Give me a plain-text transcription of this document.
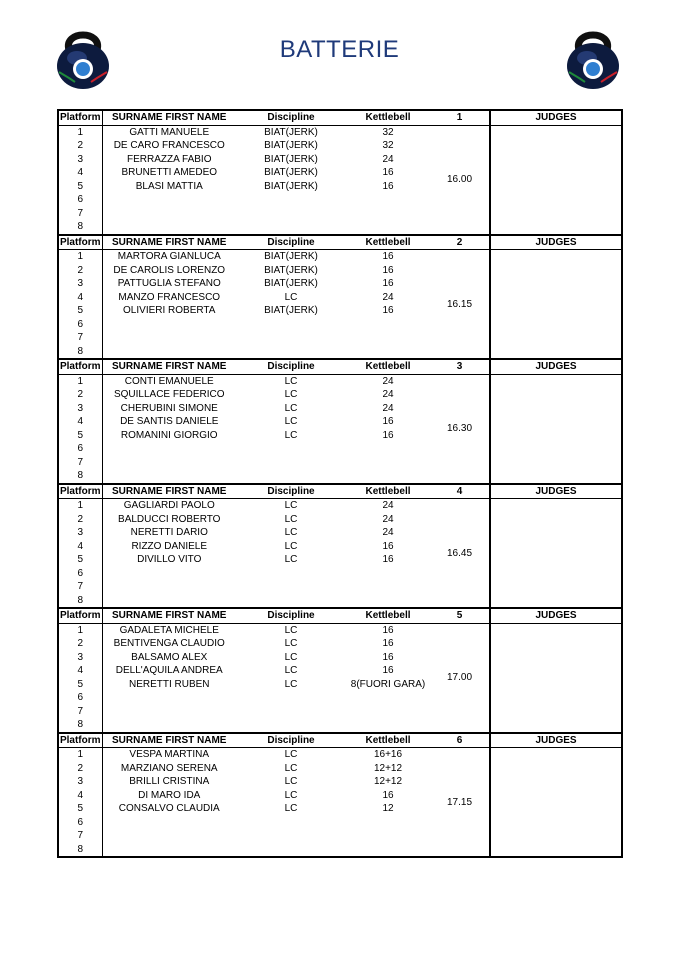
BATTERIE
Platform	SURNAME FIRST NAME	Discipline	Kettlebell	1	JUDGES
1	GATTI MANUELE	BIAT(JERK)	32	16.00	
2	DE CARO FRANCESCO	BIAT(JERK)	32		
3	FERRAZZA FABIO	BIAT(JERK)	24		
4	BRUNETTI AMEDEO	BIAT(JERK)	16		
5	BLASI MATTIA	BIAT(JERK)	16		
6					
7					
8					
Platform	SURNAME FIRST NAME	Discipline	Kettlebell	2	JUDGES
1	MARTORA GIANLUCA	BIAT(JERK)	16	16.15	
2	DE CAROLIS LORENZO	BIAT(JERK)	16		
3	PATTUGLIA STEFANO	BIAT(JERK)	16		
4	MANZO FRANCESCO	LC	24		
5	OLIVIERI ROBERTA	BIAT(JERK)	16		
6					
7					
8					
Platform	SURNAME FIRST NAME	Discipline	Kettlebell	3	JUDGES
1	CONTI EMANUELE	LC	24	16.30	
2	SQUILLACE FEDERICO	LC	24		
3	CHERUBINI SIMONE	LC	24		
4	DE SANTIS DANIELE	LC	16		
5	ROMANINI GIORGIO	LC	16		
6					
7					
8					
Platform	SURNAME FIRST NAME	Discipline	Kettlebell	4	JUDGES
1	GAGLIARDI PAOLO	LC	24	16.45	
2	BALDUCCI ROBERTO	LC	24		
3	NERETTI DARIO	LC	24		
4	RIZZO DANIELE	LC	16		
5	DIVILLO VITO	LC	16		
6					
7					
8					
Platform	SURNAME FIRST NAME	Discipline	Kettlebell	5	JUDGES
1	GADALETA MICHELE	LC	16	17.00	
2	BENTIVENGA CLAUDIO	LC	16		
3	BALSAMO ALEX	LC	16		
4	DELL'AQUILA ANDREA	LC	16		
5	NERETTI RUBEN	LC	8(FUORI GARA)		
6					
7					
8					
Platform	SURNAME FIRST NAME	Discipline	Kettlebell	6	JUDGES
1	VESPA MARTINA	LC	16+16	17.15	
2	MARZIANO SERENA	LC	12+12		
3	BRILLI CRISTINA	LC	12+12		
4	DI MARO IDA	LC	16		
5	CONSALVO CLAUDIA	LC	12		
6					
7					
8					
